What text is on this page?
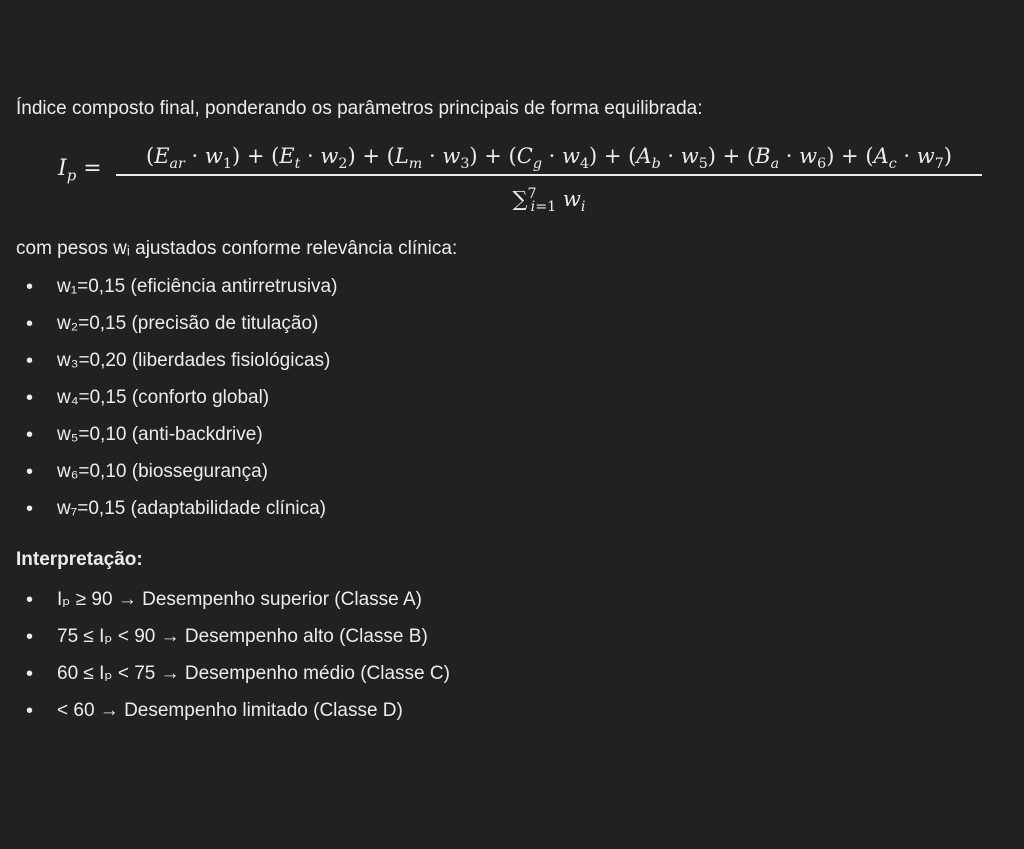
Índice composto final, ponderando os parâmetros principais de forma equilibrada:

$I_p$ =	$(E_{ar} \cdot w_1) + (E_t \cdot w_2) + (L_m \cdot w_3) + (C_g \cdot w_4) + (A_b \cdot w_5) + (B_a \cdot w_6) + (A_c \cdot w_7)$
∑$^7_{i=1}$ $w_i$
com pesos wᵢ ajustados conforme relevância clínica:
• w₁=0,15 (eficiência antirretrusiva)
• w₂=0,15 (precisão de titulação)
• w₃=0,20 (liberdades fisiológicas)
• w₄=0,15 (conforto global)
• w₅=0,10 (anti-backdrive)
• w₆=0,10 (biossegurança)
• w₇=0,15 (adaptabilidade clínica)
Interpretação:
• Iₚ ≥ 90 → Desempenho superior (Classe A)
• 75 ≤ Iₚ < 90 → Desempenho alto (Classe B)
• 60 ≤ Iₚ < 75 → Desempenho médio (Classe C)
• < 60 → Desempenho limitado (Classe D)
